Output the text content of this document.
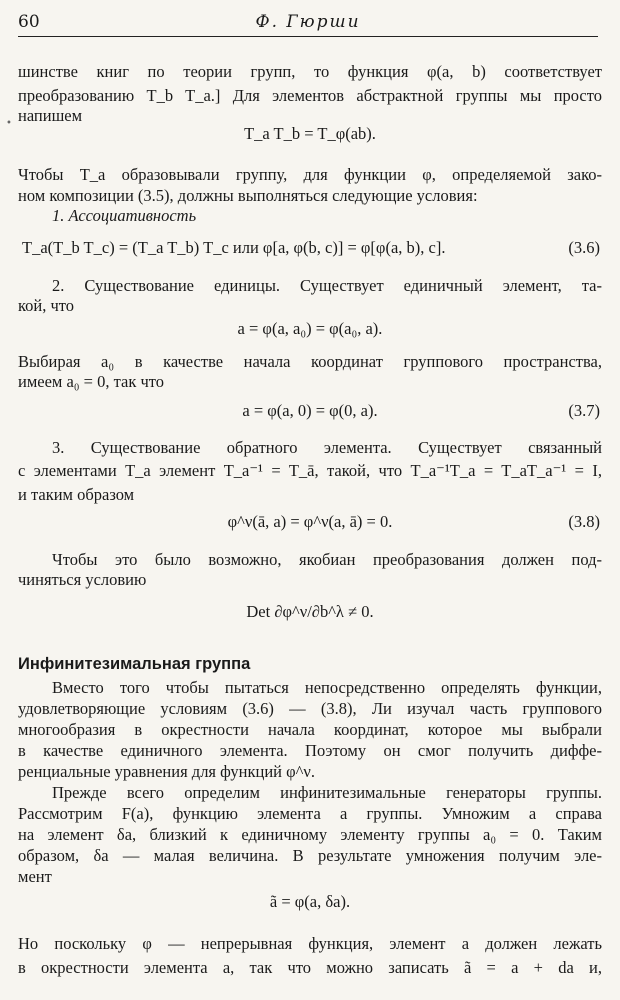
60	Ф. Гюрши
•
шинстве книг по теории групп, то функция φ(a, b) соответствует
преобразованию T_b T_a.] Для элементов абстрактной группы мы просто
напишем
T_a T_b = T_φ(ab).
Чтобы T_a образовывали группу, для функции φ, определяемой зако-
ном композиции (3.5), должны выполняться следующие условия:
1. Ассоциативность
T_a(T_b T_c) = (T_a T_b) T_c или φ[a, φ(b, c)] = φ[φ(a, b), c].	(3.6)
2. Существование единицы. Существует единичный элемент, та-
кой, что
a = φ(a, a₀) = φ(a₀, a).
Выбирая a₀ в качестве начала координат группового пространства,
имеем a₀ = 0, так что
a = φ(a, 0) = φ(0, a).	(3.7)
3. Существование обратного элемента. Существует связанный
с элементами T_a элемент T_a⁻¹ = T_ā, такой, что T_a⁻¹T_a = T_aT_a⁻¹ = I,
и таким образом
φ^ν(ā, a) = φ^ν(a, ā) = 0.	(3.8)
Чтобы это было возможно, якобиан преобразования должен под-
чиняться условию
Det ∂φ^ν/∂b^λ ≠ 0.
Инфинитезимальная группа
Вместо того чтобы пытаться непосредственно определять функции,
удовлетворяющие условиям (3.6) — (3.8), Ли изучал часть группового
многообразия в окрестности начала координат, которое мы выбрали
в качестве единичного элемента. Поэтому он смог получить диффе-
ренциальные уравнения для функций φ^ν.
Прежде всего определим инфинитезимальные генераторы группы.
Рассмотрим F(a), функцию элемента a группы. Умножим a справа
на элемент δa, близкий к единичному элементу группы a₀ = 0. Таким
образом, δa — малая величина. В результате умножения получим эле-
мент
ã = φ(a, δa).
Но поскольку φ — непрерывная функция, элемент a должен лежать
в окрестности элемента a, так что можно записать ã = a + da и,
